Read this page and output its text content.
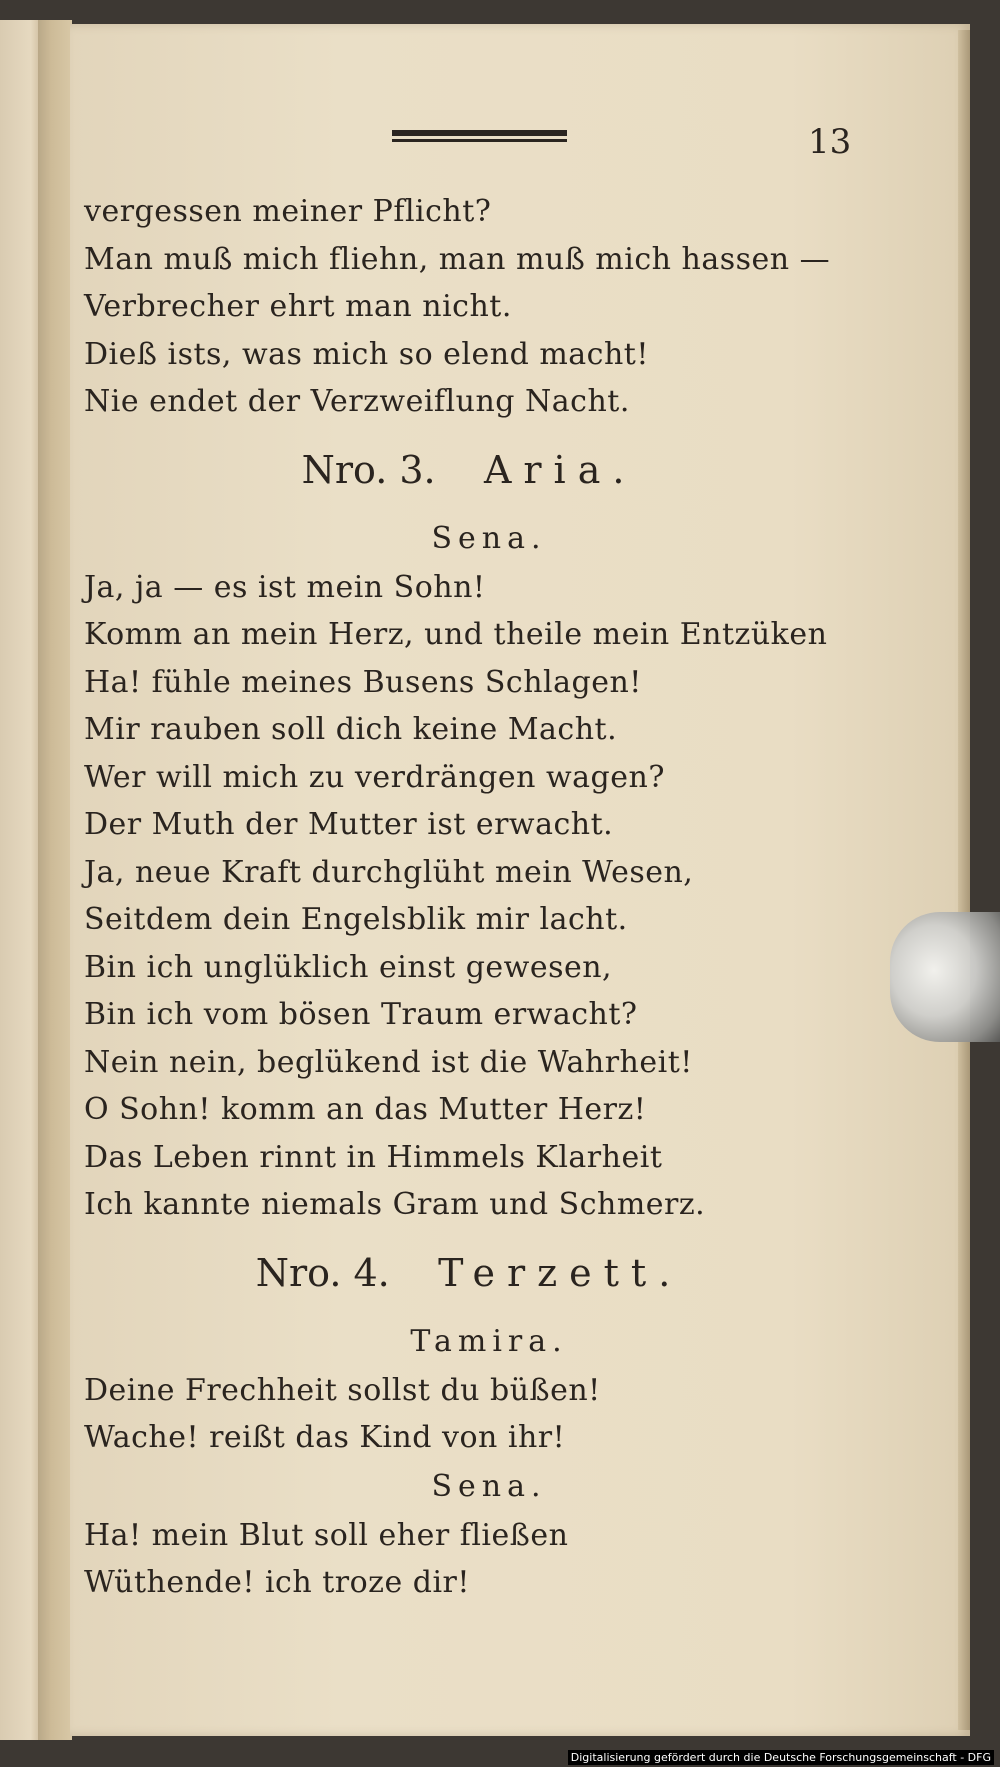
13
vergessen meiner Pflicht?
Man muß mich fliehn, man muß mich hassen —
Verbrecher ehrt man nicht.
Dieß ists, was mich so elend macht!
Nie endet der Verzweiflung Nacht.
Nro. 3. Aria.
Sena.
Ja, ja — es ist mein Sohn!
Komm an mein Herz, und theile mein Entzüken
Ha! fühle meines Busens Schlagen!
Mir rauben soll dich keine Macht.
Wer will mich zu verdrängen wagen?
Der Muth der Mutter ist erwacht.
Ja, neue Kraft durchglüht mein Wesen,
Seitdem dein Engelsblik mir lacht.
Bin ich unglüklich einst gewesen,
Bin ich vom bösen Traum erwacht?
Nein nein, beglükend ist die Wahrheit!
O Sohn! komm an das Mutter Herz!
Das Leben rinnt in Himmels Klarheit
Ich kannte niemals Gram und Schmerz.
Nro. 4. Terzett.
Tamira.
Deine Frechheit sollst du büßen!
Wache! reißt das Kind von ihr!
Sena.
Ha! mein Blut soll eher fließen
Wüthende! ich troze dir!
Digitalisierung gefördert durch die Deutsche Forschungsgemeinschaft - DFG
